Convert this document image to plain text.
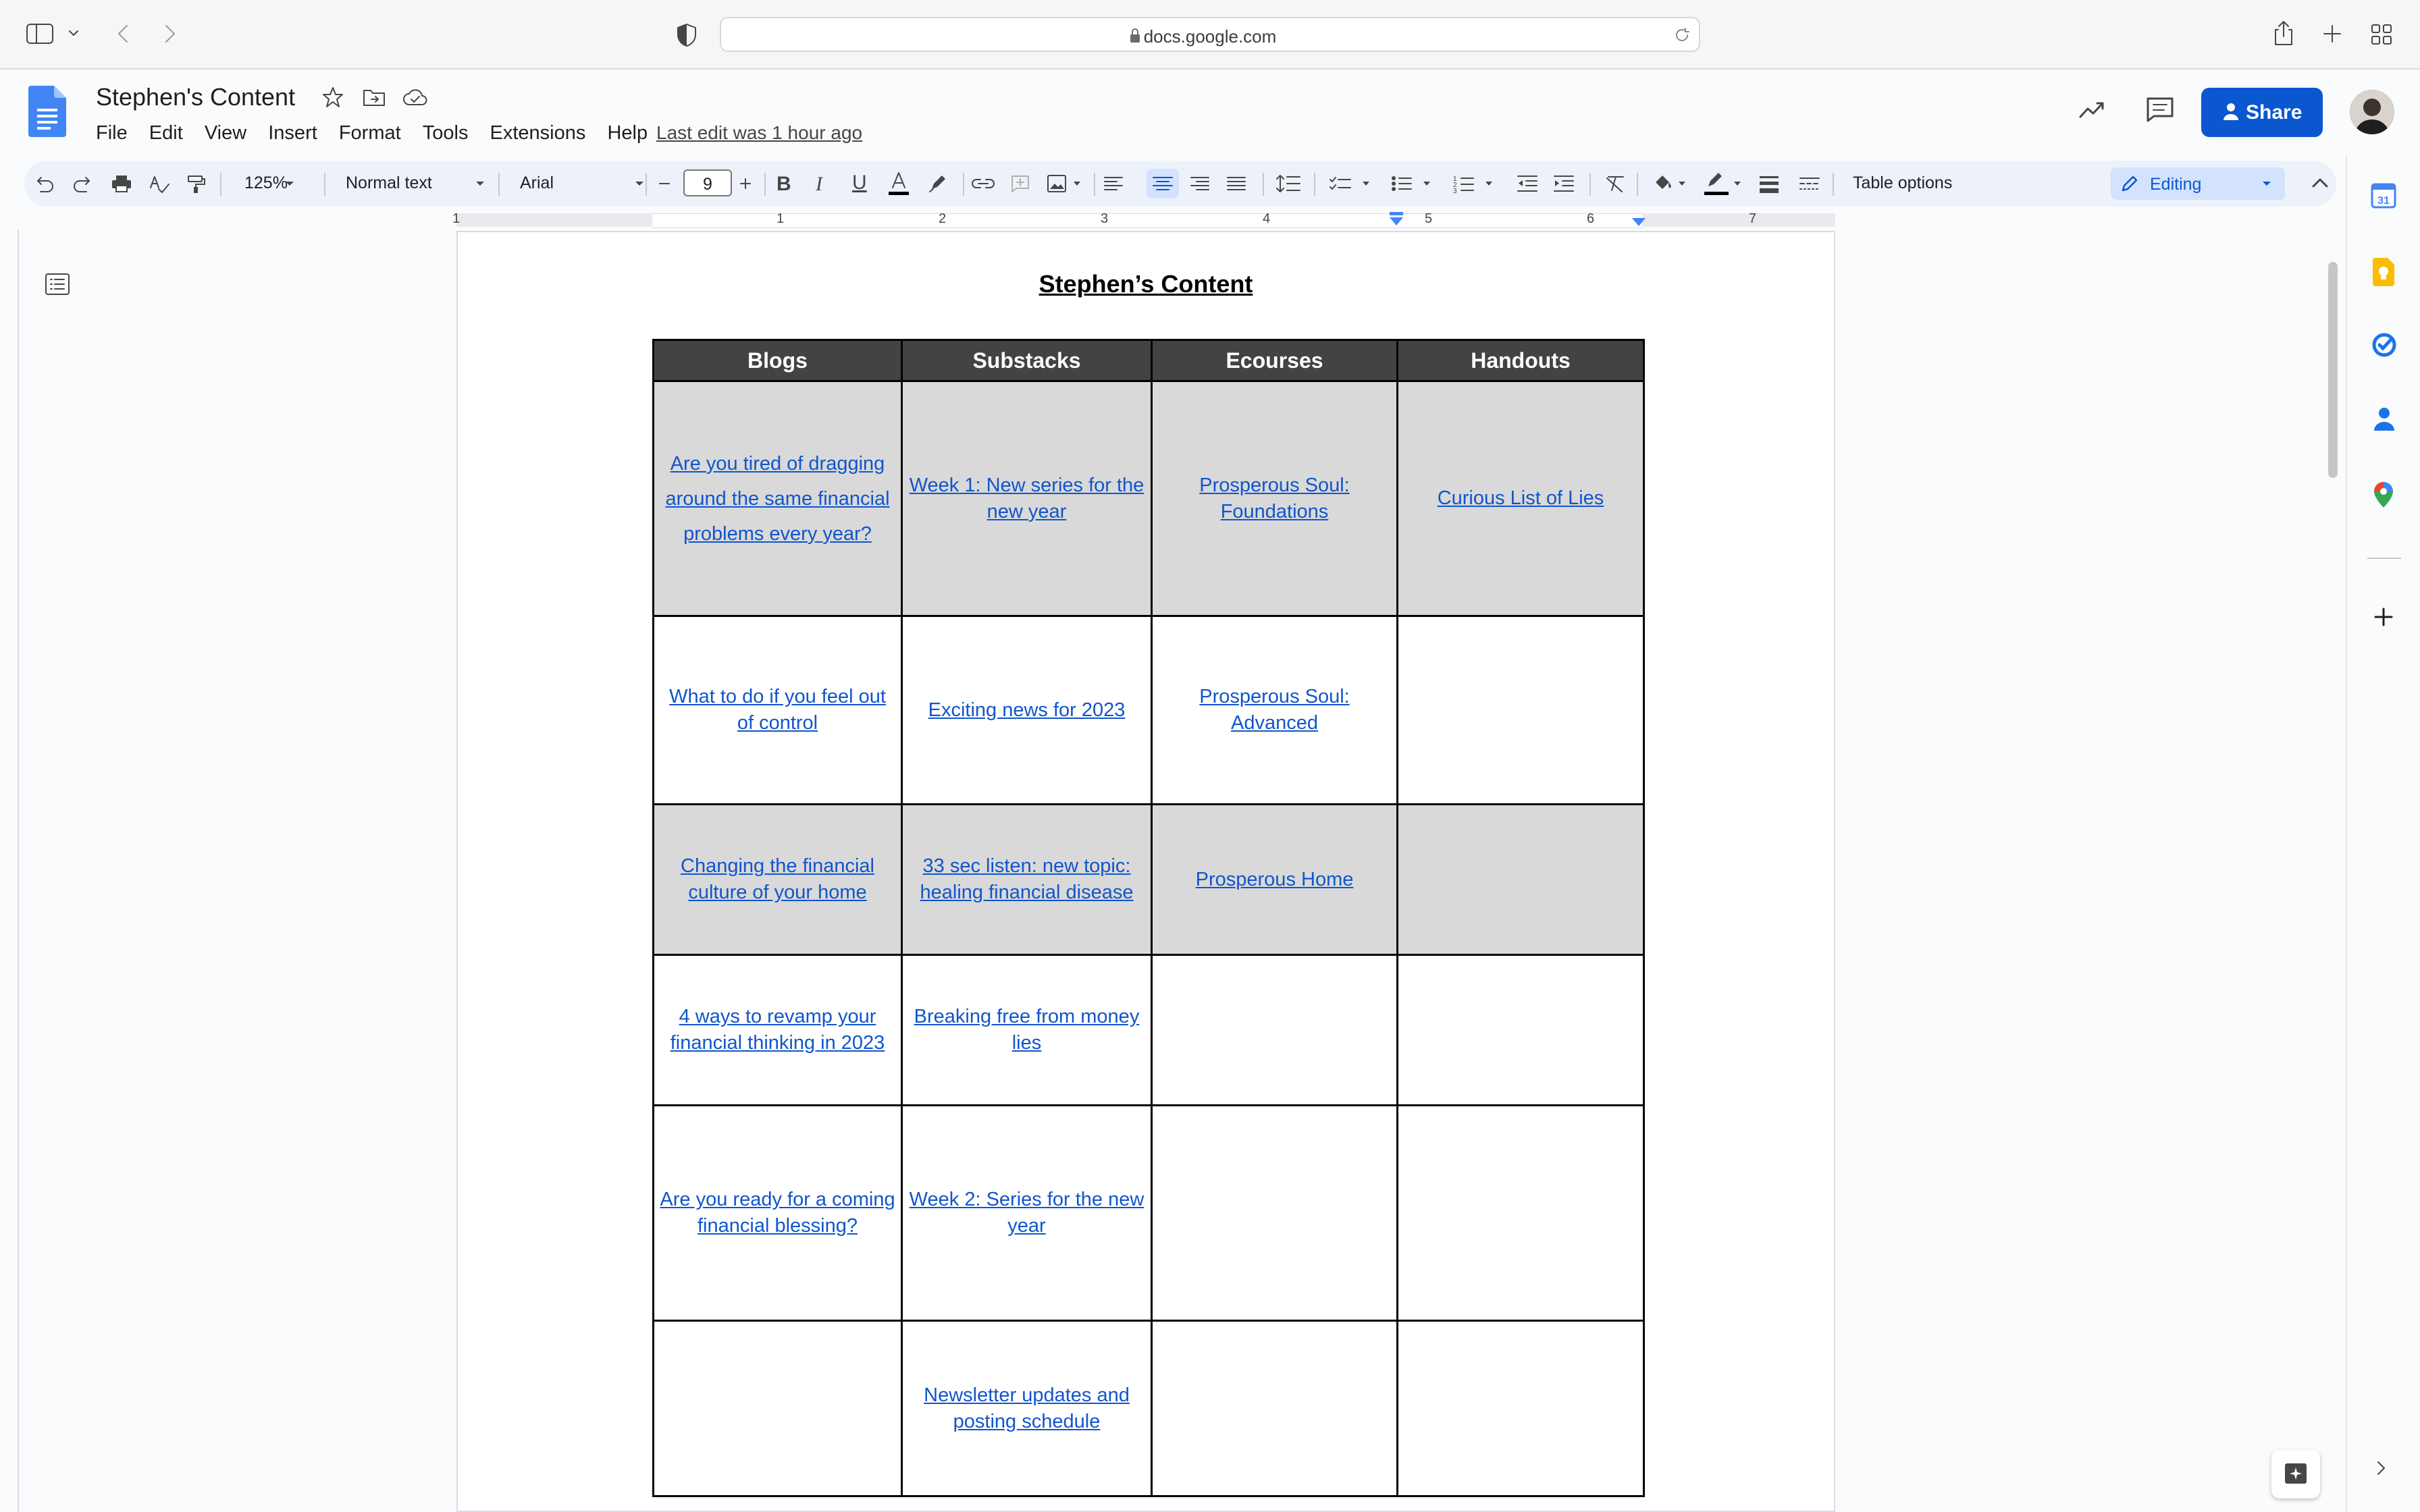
docs.google.com
Stephen's Content
File Edit View Insert Format Tools Extensions Help Last edit was 1 hour ago
Share
125%	Normal text	Arial	9	B I U	1
2
3	Table options	Editing
1	1	2	3	4	5	6	7
Stephen’s Content
Blogs	Substacks	Ecourses	Handouts
Are you tired of dragging around the same financial problems every year?	Week 1: New series for the new year	Prosperous Soul: Foundations	Curious List of Lies
What to do if you feel out of control	Exciting news for 2023	Prosperous Soul: Advanced	
Changing the financial culture of your home	33 sec listen: new topic: healing financial disease	Prosperous Home	
4 ways to revamp your financial thinking in 2023	Breaking free from money lies		
Are you ready for a coming financial blessing?	Week 2: Series for the new year		
	Newsletter updates and posting schedule		
31
